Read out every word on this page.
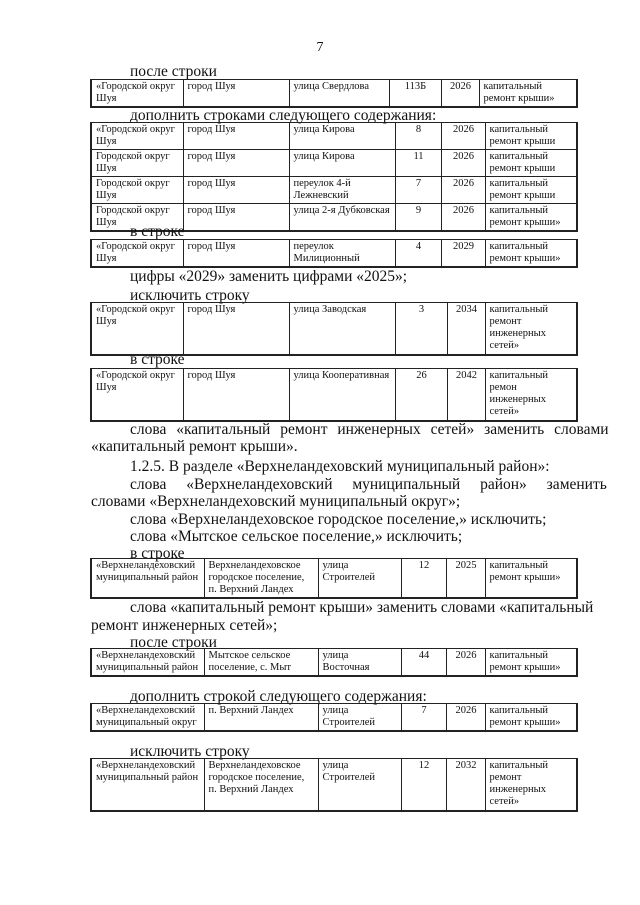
7
после строки
«Городской округ Шуя	город Шуя	улица Свердлова	113Б	2026	капитальный ремонт крыши»
дополнить строками следующего содержания:
«Городской округ Шуя	город Шуя	улица Кирова	8	2026	капитальный ремонт крыши
Городской округ Шуя	город Шуя	улица Кирова	11	2026	капитальный ремонт крыши
Городской округ Шуя	город Шуя	переулок 4-й Лежневский	7	2026	капитальный ремонт крыши
Городской округ Шуя	город Шуя	улица 2-я Дубковская	9	2026	капитальный ремонт крыши»
в строке
«Городской округ Шуя	город Шуя	переулок Милиционный	4	2029	капитальный ремонт крыши»
цифры «2029» заменить цифрами «2025»;
исключить строку
«Городской округ Шуя	город Шуя	улица Заводская	3	2034	капитальный ремонт инженерных сетей»
в строке
«Городской округ Шуя	город Шуя	улица Кооперативная	26	2042	капитальный ремон инженерных сетей»
слова «капитальный ремонт инженерных сетей» заменить словами
«капитальный ремонт крыши».
1.2.5. В разделе «Верхнеландеховский муниципальный район»:
слова «Верхнеландеховский муниципальный район» заменить
словами «Верхнеландеховский муниципальный округ»;
слова «Верхнеландеховское городское поселение,» исключить;
слова «Мытское сельское поселение,» исключить;
в строке
«Верхнеландеховский муниципальный район	Верхнеландеховское городское поселение, п. Верхний Ландех	улица Строителей	12	2025	капитальный ремонт крыши»
слова «капитальный ремонт крыши» заменить словами «капитальный
ремонт инженерных сетей»;
после строки
«Верхнеландеховский муниципальный район	Мытское сельское поселение, с. Мыт	улица Восточная	44	2026	капитальный ремонт крыши»
дополнить строкой следующего содержания:
«Верхнеландеховский муниципальный округ	п. Верхний Ландех	улица Строителей	7	2026	капитальный ремонт крыши»
исключить строку
«Верхнеландеховский муниципальный район	Верхнеландеховское городское поселение, п. Верхний Ландех	улица Строителей	12	2032	капитальный ремонт инженерных сетей»
